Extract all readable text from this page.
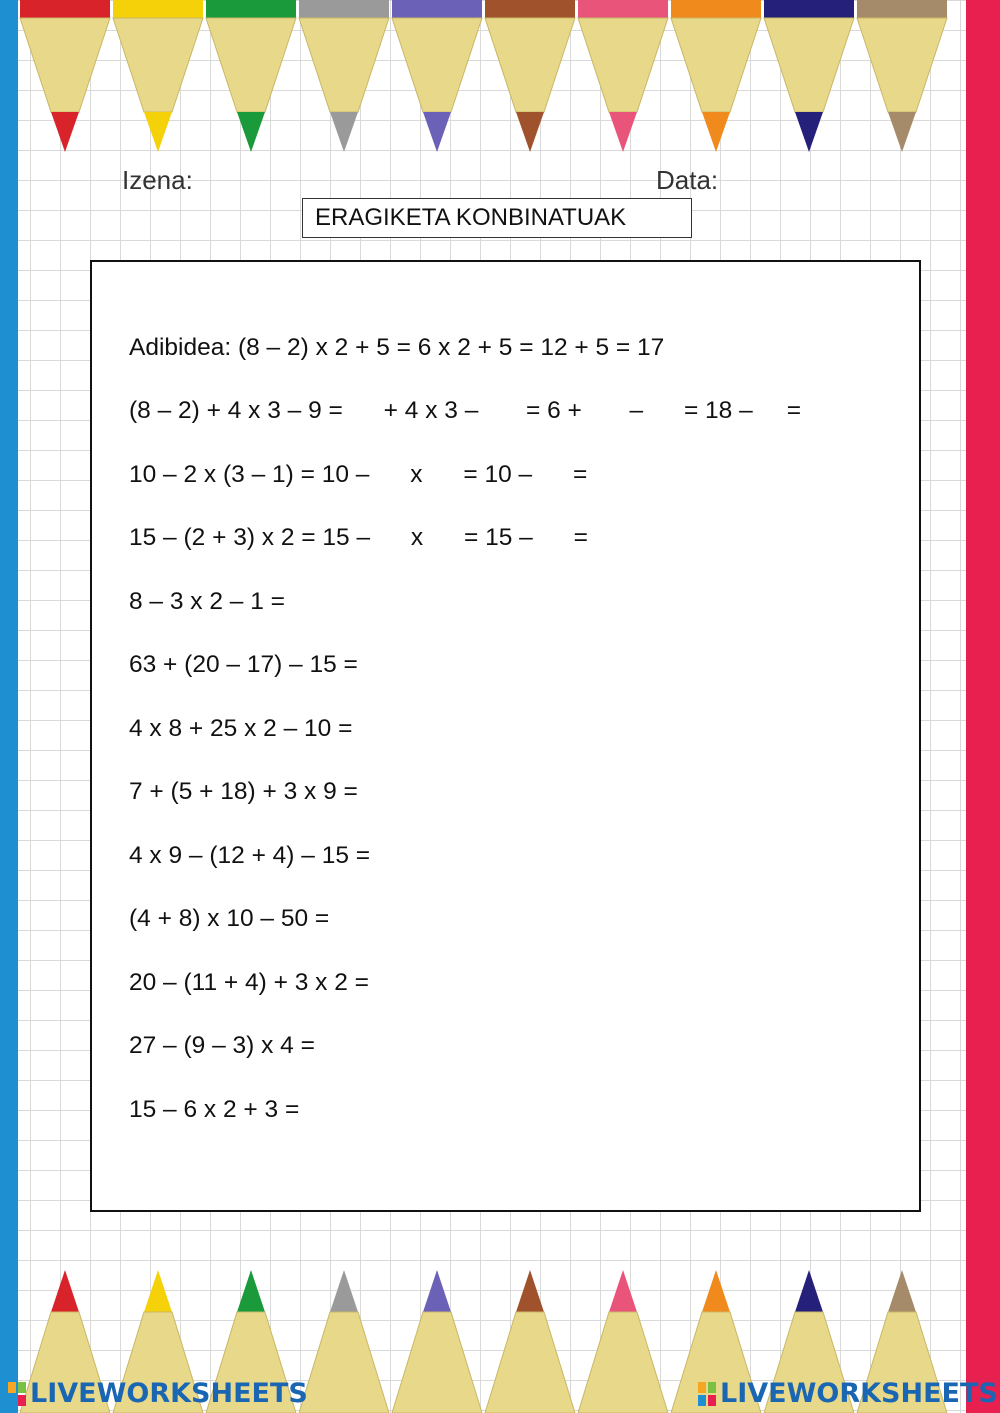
Izena:	Data:
ERAGIKETA KONBINATUAK
Adibidea: (8 – 2) x 2 + 5 = 6 x 2 + 5 = 12 + 5 = 17
(8 – 2) + 4 x 3 – 9 =      + 4 x 3 –       = 6 +       –      = 18 –     =
10 – 2 x (3 – 1) = 10 –      x      = 10 –      =
15 – (2 + 3) x 2 = 15 –      x      = 15 –      =
8 – 3 x 2 – 1 =
63 + (20 – 17) – 15 =
4 x 8 + 25 x 2 – 10 =
7 + (5 + 18) + 3 x 9 =
4 x 9 – (12 + 4) – 15 =
(4 + 8) x 10 – 50 =
20 – (11 + 4) + 3 x 2 =
27 – (9 – 3) x 4 =
15 – 6 x 2 + 3 =
LIVEWORKSHEETS	LIVEWORKSHEETS
